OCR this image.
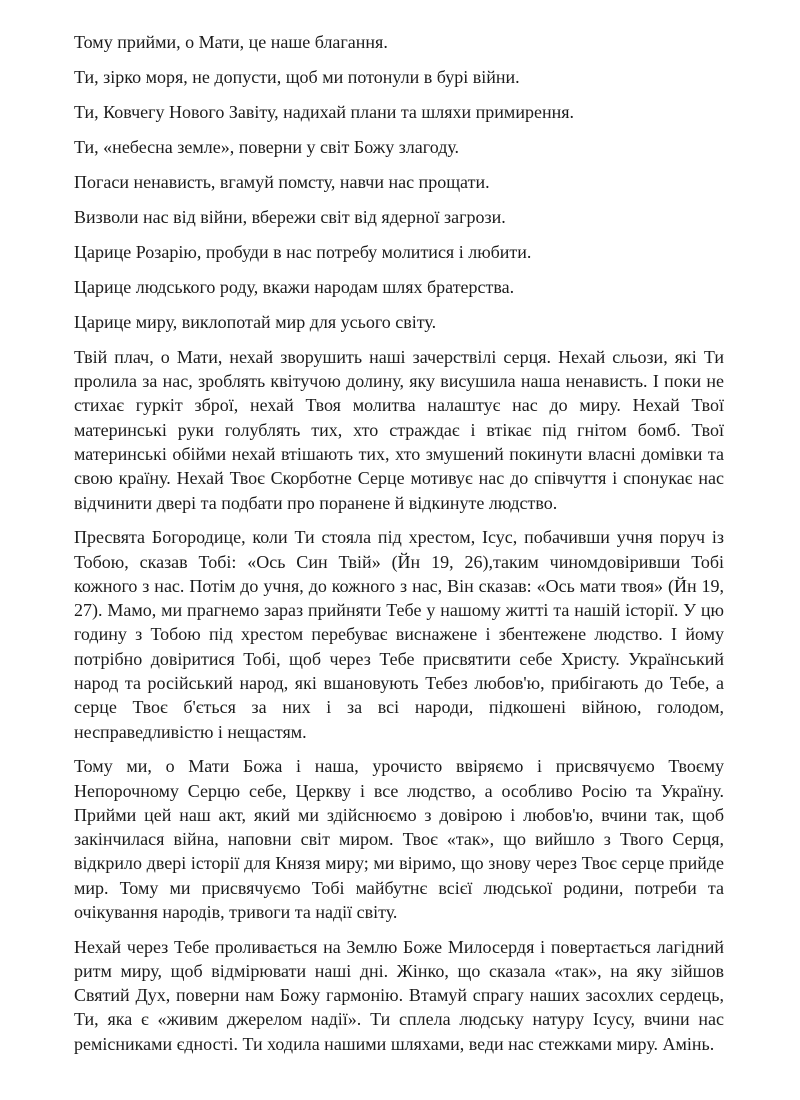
Тому прийми, о Мати, це наше благання.

Ти, зірко моря, не допусти, щоб ми потонули в бурі війни.

Ти, Ковчегу Нового Завіту, надихай плани та шляхи примирення.

Ти, «небесна земле», поверни у світ Божу злагоду.

Погаси ненависть, вгамуй помсту, навчи нас прощати.

Визволи нас від війни, вбережи світ від ядерної загрози.

Царице Розарію, пробуди в нас потребу молитися і любити.

Царице людського роду, вкажи народам шлях братерства.

Царице миру, виклопотай мир для усього світу.

Твій плач, о Мати, нехай зворушить наші зачерствілі серця. Нехай сльози, які Ти пролила за нас, зроблять квітучою долину, яку висушила наша ненависть. І поки не стихає гуркіт зброї, нехай Твоя молитва налаштує нас до миру. Нехай Твої материнські руки голублять тих, хто страждає і втікає під гнітом бомб. Твої материнські обійми нехай втішають тих, хто змушений покинути власні домівки та свою країну. Нехай Твоє Скорботне Серце мотивує нас до співчуття і спонукає нас відчинити двері та подбати про поранене й відкинуте людство.

Пресвята Богородице, коли Ти стояла під хрестом, Ісус, побачивши учня поруч із Тобою, сказав Тобі: «Ось Син Твій» (Йн 19, 26),таким чиномдовіривши Тобі кожного з нас. Потім до учня, до кожного з нас, Він сказав: «Ось мати твоя» (Йн 19, 27). Мамо, ми прагнемо зараз прийняти Тебе у нашому житті та нашій історії. У цю годину з Тобою під хрестом перебуває виснажене і збентежене людство. І йому потрібно довіритися Тобі, щоб через Тебе присвятити себе Христу. Український народ та російський народ, які вшановують Тебез любов'ю, прибігають до Тебе, а серце Твоє б'ється за них і за всі народи, підкошені війною, голодом, несправедливістю і нещастям.

Тому ми, о Мати Божа і наша, урочисто ввіряємо і присвячуємо Твоєму Непорочному Серцю себе, Церкву і все людство, а особливо Росію та Україну. Прийми цей наш акт, який ми здійснюємо з довірою і любов'ю, вчини так, щоб закінчилася війна, наповни світ миром. Твоє «так», що вийшло з Твого Серця, відкрило двері історії для Князя миру; ми віримо, що знову через Твоє серце прийде мир. Тому ми присвячуємо Тобі майбутнє всієї людської родини, потреби та очікування народів, тривоги та надії світу.

Нехай через Тебе проливається на Землю Боже Милосердя і повертається лагідний ритм миру, щоб відмірювати наші дні. Жінко, що сказала «так», на яку зійшов Святий Дух, поверни нам Божу гармонію. Втамуй спрагу наших засохлих сердець, Ти, яка є «живим джерелом надії». Ти сплела людську натуру Ісусу, вчини нас ремісниками єдності. Ти ходила нашими шляхами, веди нас стежками миру. Амінь.
